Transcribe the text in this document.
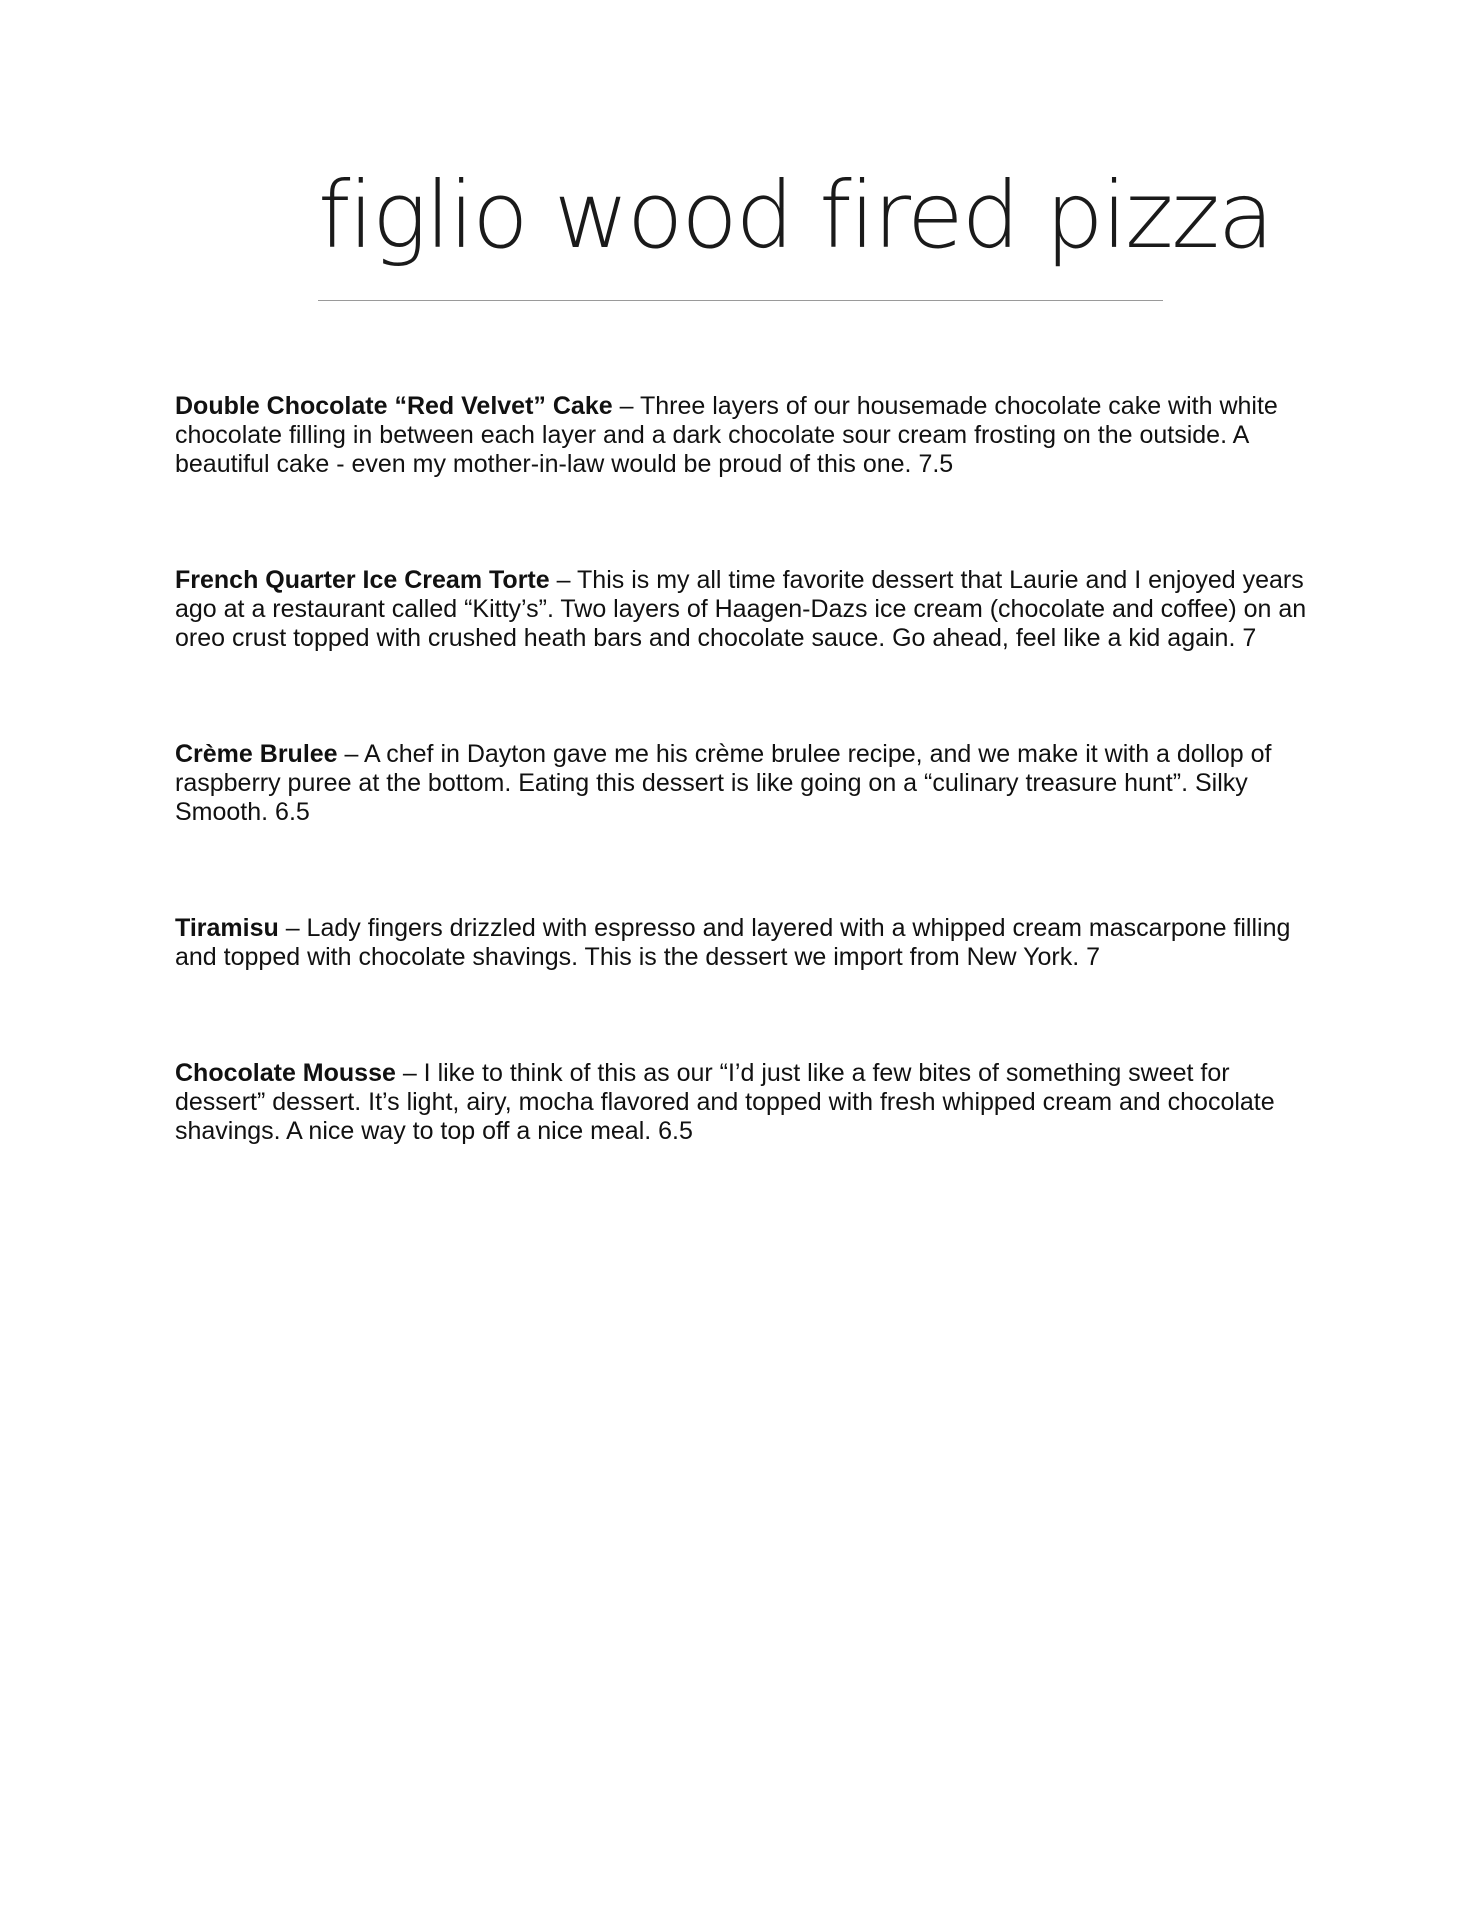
figlio wood fired pizza

Double Chocolate “Red Velvet” Cake – Three layers of our housemade chocolate cake with white chocolate filling in between each layer and a dark chocolate sour cream frosting on the outside. A beautiful cake - even my mother-in-law would be proud of this one. 7.5

French Quarter Ice Cream Torte – This is my all time favorite dessert that Laurie and I enjoyed years ago at a restaurant called “Kitty’s”. Two layers of Haagen-Dazs ice cream (chocolate and coffee) on an oreo crust topped with crushed heath bars and chocolate sauce. Go ahead, feel like a kid again. 7

Crème Brulee – A chef in Dayton gave me his crème brulee recipe, and we make it with a dollop of raspberry puree at the bottom. Eating this dessert is like going on a “culinary treasure hunt”. Silky Smooth. 6.5

Tiramisu – Lady fingers drizzled with espresso and layered with a whipped cream mascarpone filling and topped with chocolate shavings. This is the dessert we import from New York. 7

Chocolate Mousse – I like to think of this as our “I’d just like a few bites of something sweet for dessert” dessert. It’s light, airy, mocha flavored and topped with fresh whipped cream and chocolate shavings. A nice way to top off a nice meal. 6.5
